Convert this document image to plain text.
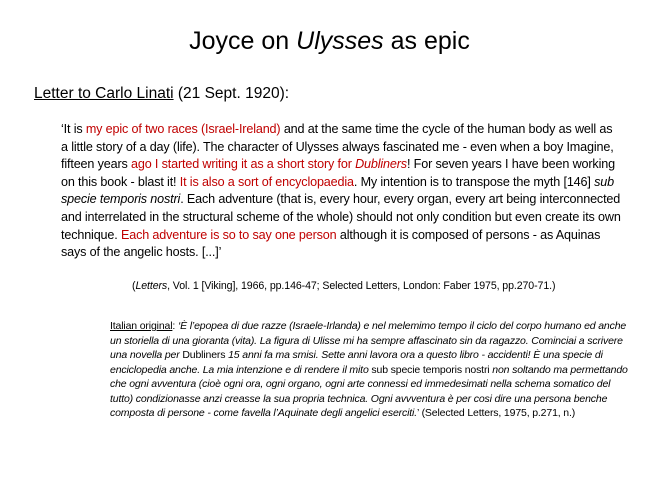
Joyce on Ulysses as epic
Letter to Carlo Linati (21 Sept. 1920):
‘It is my epic of two races (Israel-Ireland) and at the same time the cycle of the human body as well as a little story of a day (life). The character of Ulysses always fascinated me - even when a boy Imagine, fifteen years ago I started writing it as a short story for Dubliners! For seven years I have been working on this book - blast it! It is also a sort of encyclopaedia. My intention is to transpose the myth [146] sub specie temporis nostri. Each adventure (that is, every hour, every organ, every art being interconnected and interrelated in the structural scheme of the whole) should not only condition but even create its own technique. Each adventure is so to say one person although it is composed of persons - as Aquinas says of the angelic hosts. [...]’
(Letters, Vol. 1 [Viking], 1966, pp.146-47; Selected Letters, London: Faber 1975, pp.270-71.)
Italian original: ‘È l’epopea di due razze (Israele-Irlanda) e nel melemimo tempo il ciclo del corpo humano ed anche un storiella di una gioranta (vita). La figura di Ulisse mi ha sempre affascinato sin da ragazzo. Cominciai a scrivere una novella per Dubliners 15 anni fa ma smisi. Sette anni lavora ora a questo libro - accidenti! È una specie di enciclopedia anche. La mia intenzione e di rendere il mito sub specie temporis nostri non soltando ma permettando che ogni avventura (cioè ogni ora, ogni organo, ogni arte connessi ed immedesimati nella schema somatico del tutto) condizionasse anzi creasse la sua propria technica. Ogni avvventura è per cosi dire una persona benche composta di persone - come favella l’Aquinate degli angelici eserciti.’ (Selected Letters, 1975, p.271, n.)
